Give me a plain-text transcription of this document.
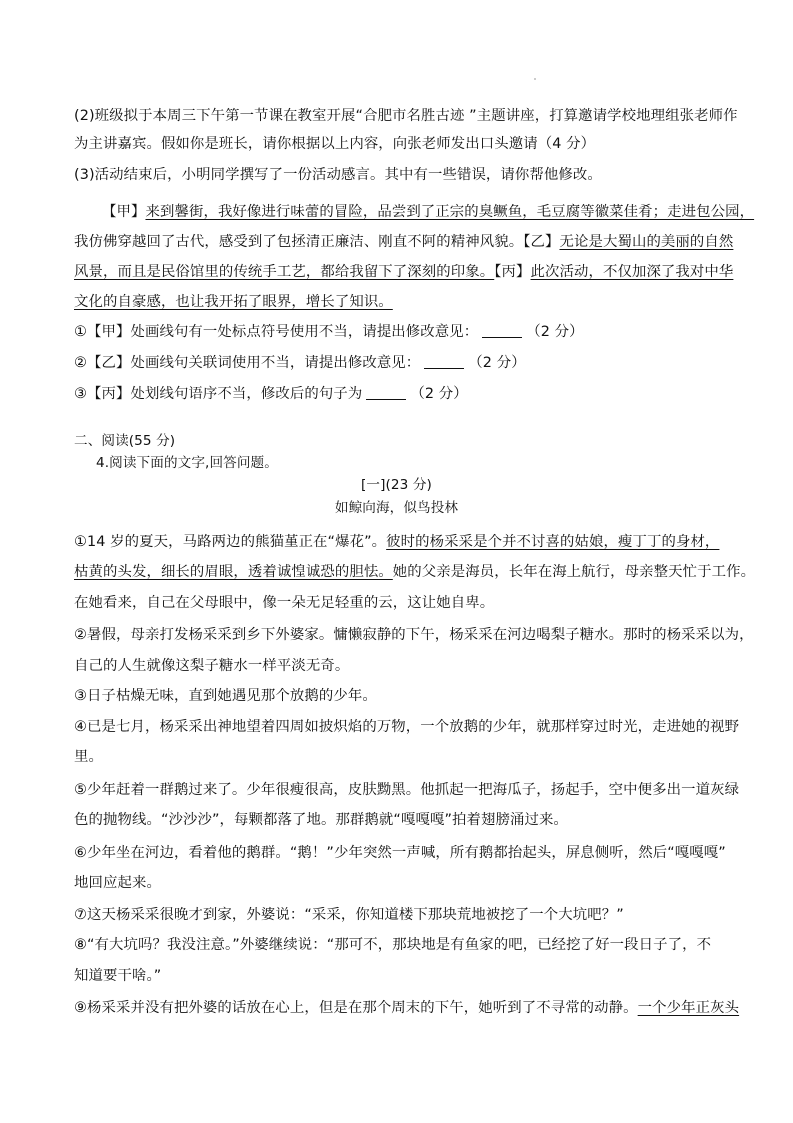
(2)班级拟于本周三下午第一节课在教室开展“合肥市名胜古迹 ”主题讲座，打算邀请学校地理组张老师作
为主讲嘉宾。假如你是班长，请你根据以上内容，向张老师发出口头邀请（4 分）
(3)活动结束后，小明同学撰写了一份活动感言。其中有一些错误，请你帮他修改。
【甲】来到馨街，我好像进行味蕾的冒险，品尝到了正宗的臭鳜鱼，毛豆腐等徽菜佳肴；走进包公园，
我仿佛穿越回了古代，感受到了包拯清正廉洁、刚直不阿的精神风貌。【乙】无论是大蜀山的美丽的自然
风景，而且是民俗馆里的传统手工艺，都给我留下了深刻的印象。【丙】此次活动，不仅加深了我对中华
文化的自豪感，也让我开拓了眼界，增长了知识。
①【甲】处画线句有一处标点符号使用不当，请提出修改意见：	（2 分）
②【乙】处画线句关联词使用不当，请提出修改意见：	（2 分）
③【丙】处划线句语序不当，修改后的句子为	（2 分）
二、阅读(55 分)
4.阅读下面的文字,回答问题。
[一](23 分)
如鲸向海，似鸟投林
①14 岁的夏天，马路两边的熊猫堇正在“爆花”。彼时的杨采采是个并不讨喜的姑娘，瘦丁丁的身材，
枯黄的头发，细长的眉眼，透着诚惶诚恐的胆怯。她的父亲是海员，长年在海上航行，母亲整天忙于工作。
在她看来，自己在父母眼中，像一朵无足轻重的云，这让她自卑。
②暑假，母亲打发杨采采到乡下外婆家。慵懒寂静的下午，杨采采在河边喝梨子糖水。那时的杨采采以为，
自己的人生就像这梨子糖水一样平淡无奇。
③日子枯燥无味，直到她遇见那个放鹅的少年。
④已是七月，杨采采出神地望着四周如披炽焰的万物，一个放鹅的少年，就那样穿过时光，走进她的视野
里。
⑤少年赶着一群鹅过来了。少年很瘦很高，皮肤黝黑。他抓起一把海瓜子，扬起手，空中便多出一道灰绿
色的抛物线。“沙沙沙”，每颗都落了地。那群鹅就“嘎嘎嘎”拍着翅膀涌过来。
⑥少年坐在河边，看着他的鹅群。“鹅！”少年突然一声喊，所有鹅都抬起头，屏息侧听，然后“嘎嘎嘎”
地回应起来。
⑦这天杨采采很晚才到家，外婆说：“采采，你知道楼下那块荒地被挖了一个大坑吧？”
⑧“有大坑吗？我没注意。”外婆继续说：“那可不，那块地是有鱼家的吧，已经挖了好一段日子了，不
知道要干啥。”
⑨杨采采并没有把外婆的话放在心上，但是在那个周末的下午，她听到了不寻常的动静。一个少年正灰头
